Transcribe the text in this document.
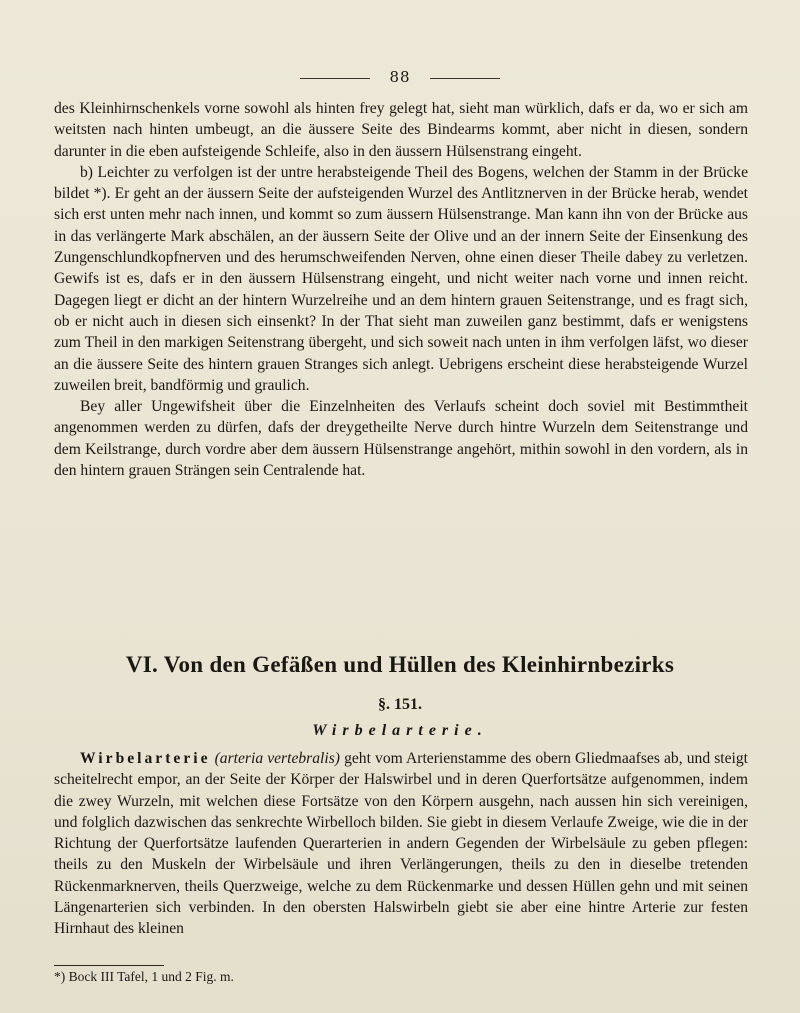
88

des Kleinhirnschenkels vorne sowohl als hinten frey gelegt hat, sieht man würklich, dafs er da, wo er sich am weitsten nach hinten umbeugt, an die äussere Seite des Bindearms kommt, aber nicht in diesen, sondern darunter in die eben aufsteigende Schleife, also in den äussern Hülsenstrang eingeht.

b) Leichter zu verfolgen ist der untre herabsteigende Theil des Bogens, welchen der Stamm in der Brücke bildet *). Er geht an der äussern Seite der aufsteigenden Wurzel des Antlitznerven in der Brücke herab, wendet sich erst unten mehr nach innen, und kommt so zum äussern Hülsenstrange. Man kann ihn von der Brücke aus in das verlängerte Mark abschälen, an der äussern Seite der Olive und an der innern Seite der Einsenkung des Zungenschlundkopfnerven und des herumschweifenden Nerven, ohne einen dieser Theile dabey zu verletzen. Gewifs ist es, dafs er in den äussern Hülsenstrang eingeht, und nicht weiter nach vorne und innen reicht. Dagegen liegt er dicht an der hintern Wurzelreihe und an dem hintern grauen Seitenstrange, und es fragt sich, ob er nicht auch in diesen sich einsenkt? In der That sieht man zuweilen ganz bestimmt, dafs er wenigstens zum Theil in den markigen Seitenstrang übergeht, und sich soweit nach unten in ihm verfolgen läfst, wo dieser an die äussere Seite des hintern grauen Stranges sich anlegt. Uebrigens erscheint diese herabsteigende Wurzel zuweilen breit, bandförmig und graulich.

Bey aller Ungewifsheit über die Einzelnheiten des Verlaufs scheint doch soviel mit Bestimmtheit angenommen werden zu dürfen, dafs der dreygetheilte Nerve durch hintre Wurzeln dem Seitenstrange und dem Keilstrange, durch vordre aber dem äussern Hülsenstrange angehört, mithin sowohl in den vordern, als in den hintern grauen Strängen sein Centralende hat.

VI. Von den Gefäßen und Hüllen des Kleinhirnbezirks
§. 151.
Wirbelarterie.

Wirbelarterie (arteria vertebralis) geht vom Arterienstamme des obern Gliedmaafses ab, und steigt scheitelrecht empor, an der Seite der Körper der Halswirbel und in deren Querfortsätze aufgenommen, indem die zwey Wurzeln, mit welchen diese Fortsätze von den Körpern ausgehn, nach aussen hin sich vereinigen, und folglich dazwischen das senkrechte Wirbelloch bilden. Sie giebt in diesem Verlaufe Zweige, wie die in der Richtung der Querfortsätze laufenden Querarterien in andern Gegenden der Wirbelsäule zu geben pflegen: theils zu den Muskeln der Wirbelsäule und ihren Verlängerungen, theils zu den in dieselbe tretenden Rückenmarknerven, theils Querzweige, welche zu dem Rückenmarke und dessen Hüllen gehn und mit seinen Längenarterien sich verbinden. In den obersten Halswirbeln giebt sie aber eine hintre Arterie zur festen Hirnhaut des kleinen

*) Bock III Tafel, 1 und 2 Fig. m.
